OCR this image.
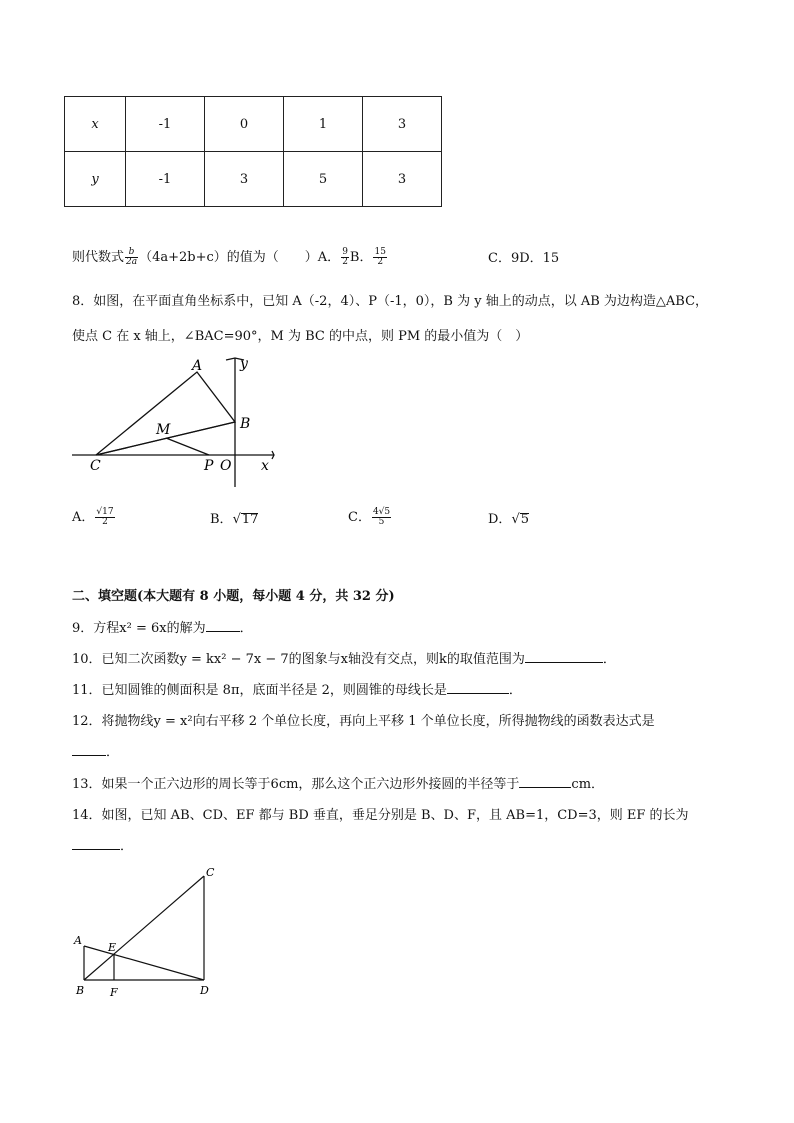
x	-1	0	1	3
y	-1	3	5	3
则代数式 $\frac{b}{2a} (4a+2b+c)$的值为（　　）A． $\frac{9}{2}$ B． $\frac{15}{2}$	C．9D．15
8．如图，在平面直角坐标系中，已知 A（-2，4）、P（-1，0），B 为 y 轴上的动点，以 AB 为边构造△ABC，
使点 C 在 x 轴上，∠BAC=90°，M 为 BC 的中点，则 PM 的最小值为（　）
A	y
B
M
C	P O x
A． $\frac{√17}{2}$	B．√17	C． $\frac{4√5}{5}$	D．√5
二、填空题(本大题有 8 小题，每小题 4 分，共 32 分)
9．方程x² = 6x的解为	．
10．已知二次函数y = kx² − 7x − 7的图象与x轴没有交点，则k的取值范围为	．
11．已知圆锥的侧面积是 8π，底面半径是 2，则圆锥的母线长是	．
12．将抛物线y = x²向右平移 2 个单位长度，再向上平移 1 个单位长度，所得抛物线的函数表达式是
．
13．如果一个正六边形的周长等于6cm，那么这个正六边形外接圆的半径等于	cm．
14．如图，已知 AB、CD、EF 都与 BD 垂直，垂足分别是 B、D、F，且 AB=1，CD=3，则 EF 的长为
．
C
A
E
B F	D
